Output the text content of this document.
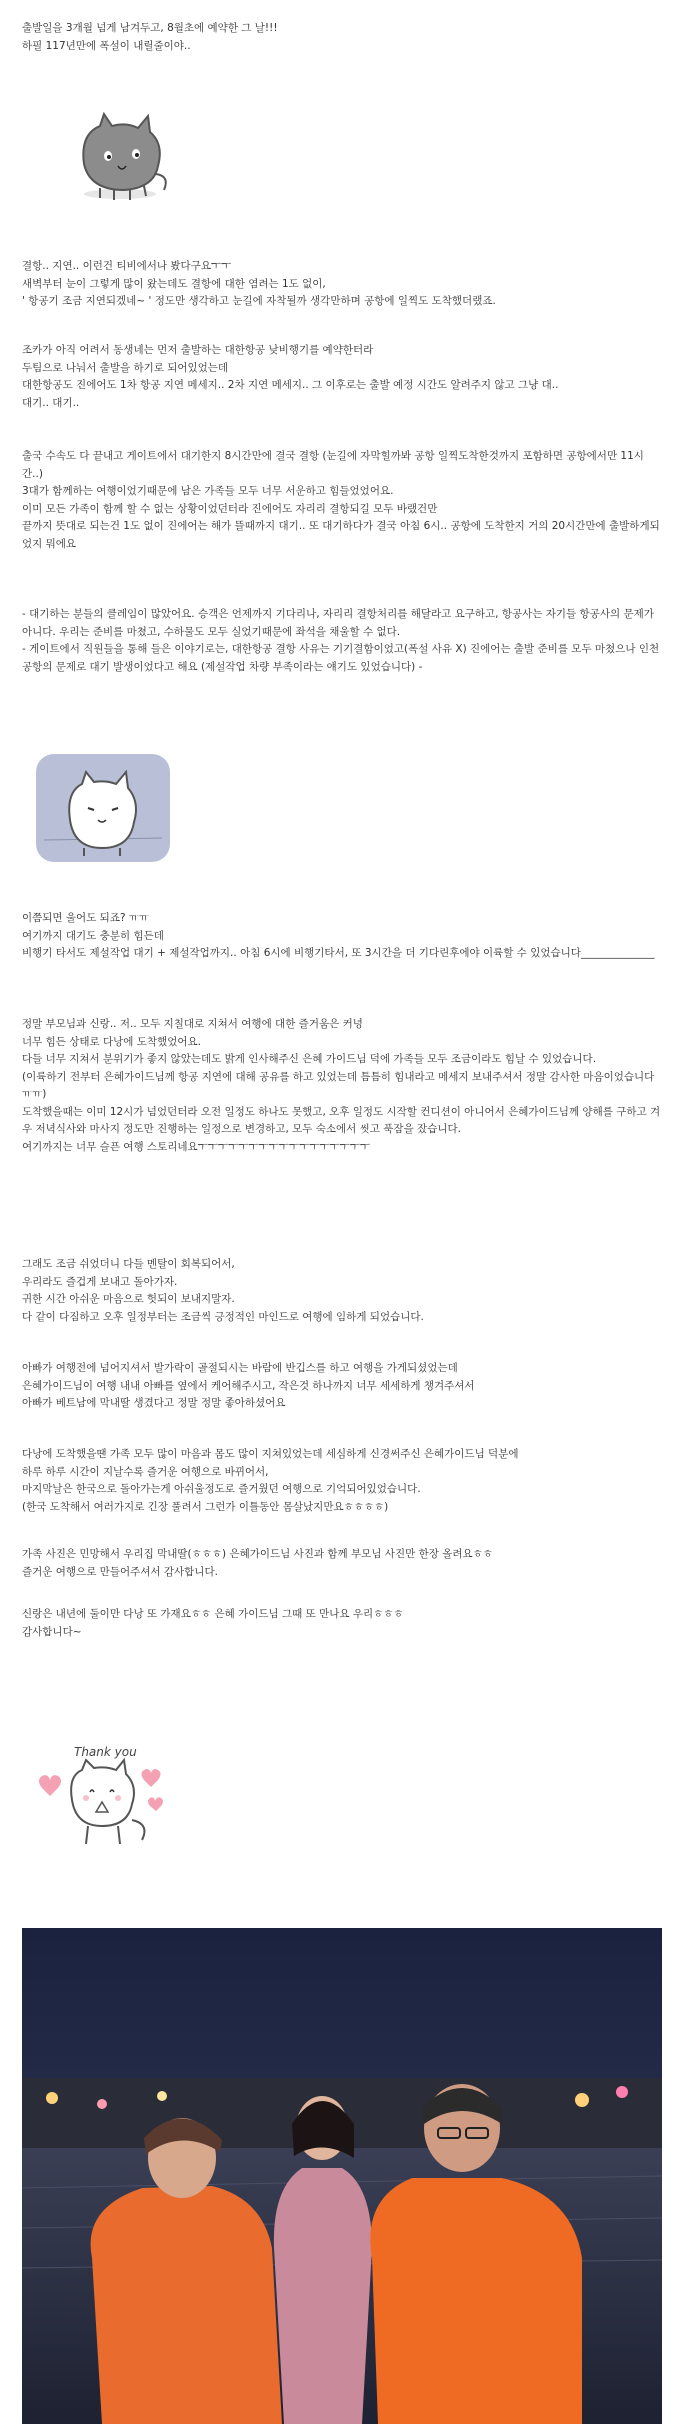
출발일을 3개월 넘게 남겨두고, 8월초에 예약한 그 날!!!
하필 117년만에 폭설이 내릴줄이야..
결항.. 지연.. 이런건 티비에서나 봤다구요ㅜㅜ
새벽부터 눈이 그렇게 많이 왔는데도 결항에 대한 염려는 1도 없이,
' 항공기 조금 지연되겠네~ ' 정도만 생각하고 눈길에 자착될까 생각만하며 공항에 일찍도 도착했더랬죠.
조카가 아직 어려서 동생네는 먼저 출발하는 대한항공 낮비행기를 예약한터라
두팀으로 나눠서 출발을 하기로 되어있었는데
대한항공도 진에어도 1차 항공 지연 메세지.. 2차 지연 메세지.. 그 이후로는 출발 예정 시간도 알려주지 않고 그냥 대..
대기.. 대기..
출국 수속도 다 끝내고 게이트에서 대기한지 8시간만에 결국 결항 (눈길에 자막힐까봐 공항 일찍도착한것까지 포함하면 공항에서만 11시간..)
3대가 함께하는 여행이었기때문에 남은 가족들 모두 너무 서운하고 힘들었었어요.
이미 모든 가족이 함께 할 수 없는 상황이었던터라 진에어도 자리리 결항되길 모두 바랬건만
끝까지 뜻대로 되는건 1도 없이 진에어는 해가 뜰때까지 대기.. 또 대기하다가 결국 아침 6시.. 공항에 도착한지 거의 20시간만에 출발하게되었지 뭐에요
- 대기하는 분들의 클레임이 많았어요. 승객은 언제까지 기다리나, 자리리 결항처리를 해달라고 요구하고, 항공사는 자기들 항공사의 문제가 아니다. 우리는 준비를 마쳤고, 수하물도 모두 실었기때문에 좌석을 채울할 수 없다.
- 게이트에서 직원들을 통해 들은 이야기로는, 대한항공 결항 사유는 기기결함이었고(폭설 사유 X) 진에어는 출발 준비를 모두 마쳤으나 인천 공항의 문제로 대기 발생이었다고 해요 (제설작업 차량 부족이라는 얘기도 있었습니다) -
이쯤되면 울어도 되죠? ㅠㅠ
여기까지 대기도 충분히 힘든데
비행기 타서도 제설작업 대기 + 제설작업까지.. 아침 6시에 비행기타서, 또 3시간을 더 기다린후에야 이륙할 수 있었습니다______________
정말 부모님과 신랑.. 저.. 모두 지칠대로 지쳐서 여행에 대한 즐거움은 커녕
너무 힘든 상태로 다낭에 도착했었어요.
다들 너무 지쳐서 분위기가 좋지 않았는데도 밝게 인사해주신 은혜 가이드님 덕에 가족들 모두 조금이라도 힘날 수 있었습니다.
(이륙하기 전부터 은혜가이드님께 항공 지연에 대해 공유를 하고 있었는데 틈틈히 힘내라고 메세지 보내주셔서 정말 감사한 마음이었습니다ㅠㅠ)
도착했을때는 이미 12시가 넘었던터라 오전 일정도 하나도 못했고, 오후 일정도 시작할 컨디션이 아니어서 은혜가이드님께 양해를 구하고 겨우 저녁식사와 마사지 정도만 진행하는 일정으로 변경하고, 모두 숙소에서 씻고 푹잠을 잤습니다.
여기까지는 너무 슬픈 여행 스토리네요ㅜㅜㅜㅜㅜㅜㅜㅜㅜㅜㅜㅜㅜㅜㅜㅜㅜ
그래도 조금 쉬었더니 다들 멘탈이 회복되어서,
우리라도 즐겁게 보내고 돌아가자.
귀한 시간 아쉬운 마음으로 헛되이 보내지말자.
다 같이 다짐하고 오후 일정부터는 조금씩 긍정적인 마인드로 여행에 임하게 되었습니다.
아빠가 여행전에 넘어지셔서 발가락이 골절되시는 바람에 반깁스를 하고 여행을 가게되셨었는데
은혜가이드님이 여행 내내 아빠를 옆에서 케어해주시고, 작은것 하나까지 너무 세세하게 챙겨주셔서
아빠가 베트남에 막내딸 생겼다고 정말 정말 좋아하셨어요
다낭에 도착했을땐 가족 모두 많이 마음과 몸도 많이 지쳐있었는데 세심하게 신경써주신 은혜가이드님 덕분에
하루 하루 시간이 지날수록 즐거운 여행으로 바뀌어서,
마지막날은 한국으로 돌아가는게 아쉬울정도로 즐거웠던 여행으로 기억되어있었습니다.
(한국 도착해서 여러가지로 긴장 풀려서 그런가 이틀동안 몸살났지만요ㅎㅎㅎㅎ)
가족 사진은 민망해서 우리집 막내딸(ㅎㅎㅎ) 은혜가이드님 사진과 함께 부모님 사진만 한장 올려요ㅎㅎ
즐거운 여행으로 만들어주셔서 감사합니다.
신랑은 내년에 둘이만 다낭 또 가재요ㅎㅎ 은혜 가이드님 그때 또 만나요 우리ㅎㅎㅎ
감사합니다~
Thank you
